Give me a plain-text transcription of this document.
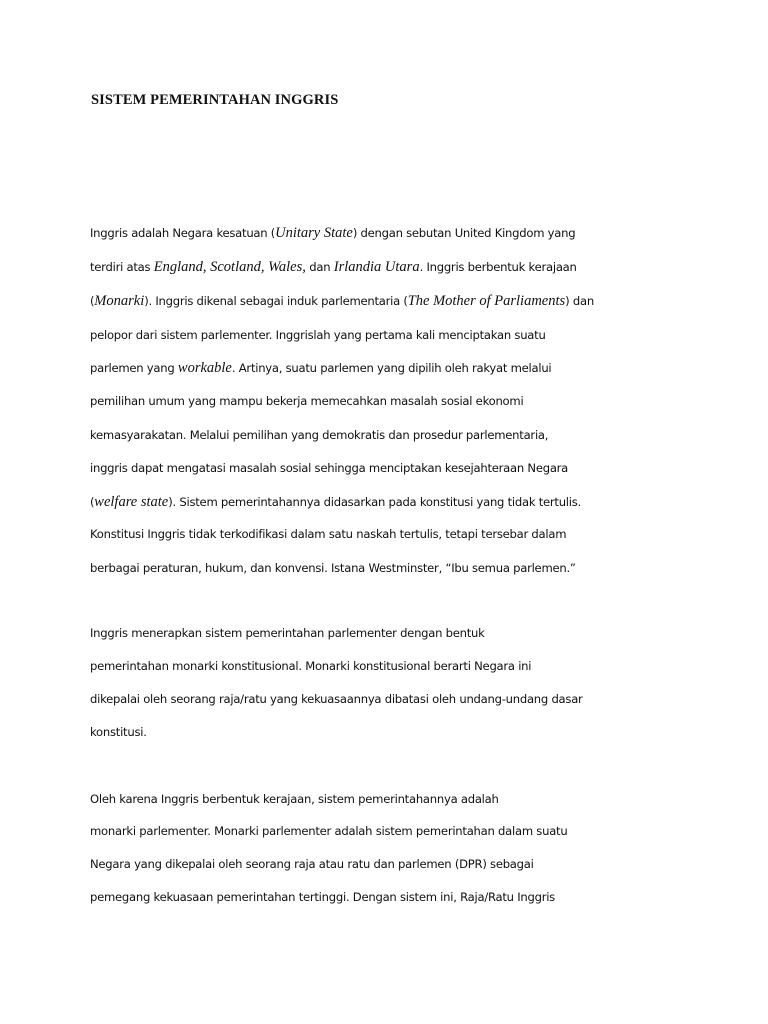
SISTEM PEMERINTAHAN INGGRIS
Inggris adalah Negara kesatuan (Unitary State) dengan sebutan United Kingdom yang
terdiri atas England, Scotland, Wales, dan Irlandia Utara. Inggris berbentuk kerajaan
(Monarki). Inggris dikenal sebagai induk parlementaria (The Mother of Parliaments) dan
pelopor dari sistem parlementer. Inggrislah yang pertama kali menciptakan suatu
parlemen yang workable. Artinya, suatu parlemen yang dipilih oleh rakyat melalui
pemilihan umum yang mampu bekerja memecahkan masalah sosial ekonomi
kemasyarakatan. Melalui pemilihan yang demokratis dan prosedur parlementaria,
inggris dapat mengatasi masalah sosial sehingga menciptakan kesejahteraan Negara
(welfare state). Sistem pemerintahannya didasarkan pada konstitusi yang tidak tertulis.
Konstitusi Inggris tidak terkodifikasi dalam satu naskah tertulis, tetapi tersebar dalam
berbagai peraturan, hukum, dan konvensi. Istana Westminster, “Ibu semua parlemen.”
Inggris menerapkan sistem pemerintahan parlementer dengan bentuk
pemerintahan monarki konstitusional. Monarki konstitusional berarti Negara ini
dikepalai oleh seorang raja/ratu yang kekuasaannya dibatasi oleh undang-undang dasar
konstitusi.
Oleh karena Inggris berbentuk kerajaan, sistem pemerintahannya adalah
monarki parlementer. Monarki parlementer adalah sistem pemerintahan dalam suatu
Negara yang dikepalai oleh seorang raja atau ratu dan parlemen (DPR) sebagai
pemegang kekuasaan pemerintahan tertinggi. Dengan sistem ini, Raja/Ratu Inggris
